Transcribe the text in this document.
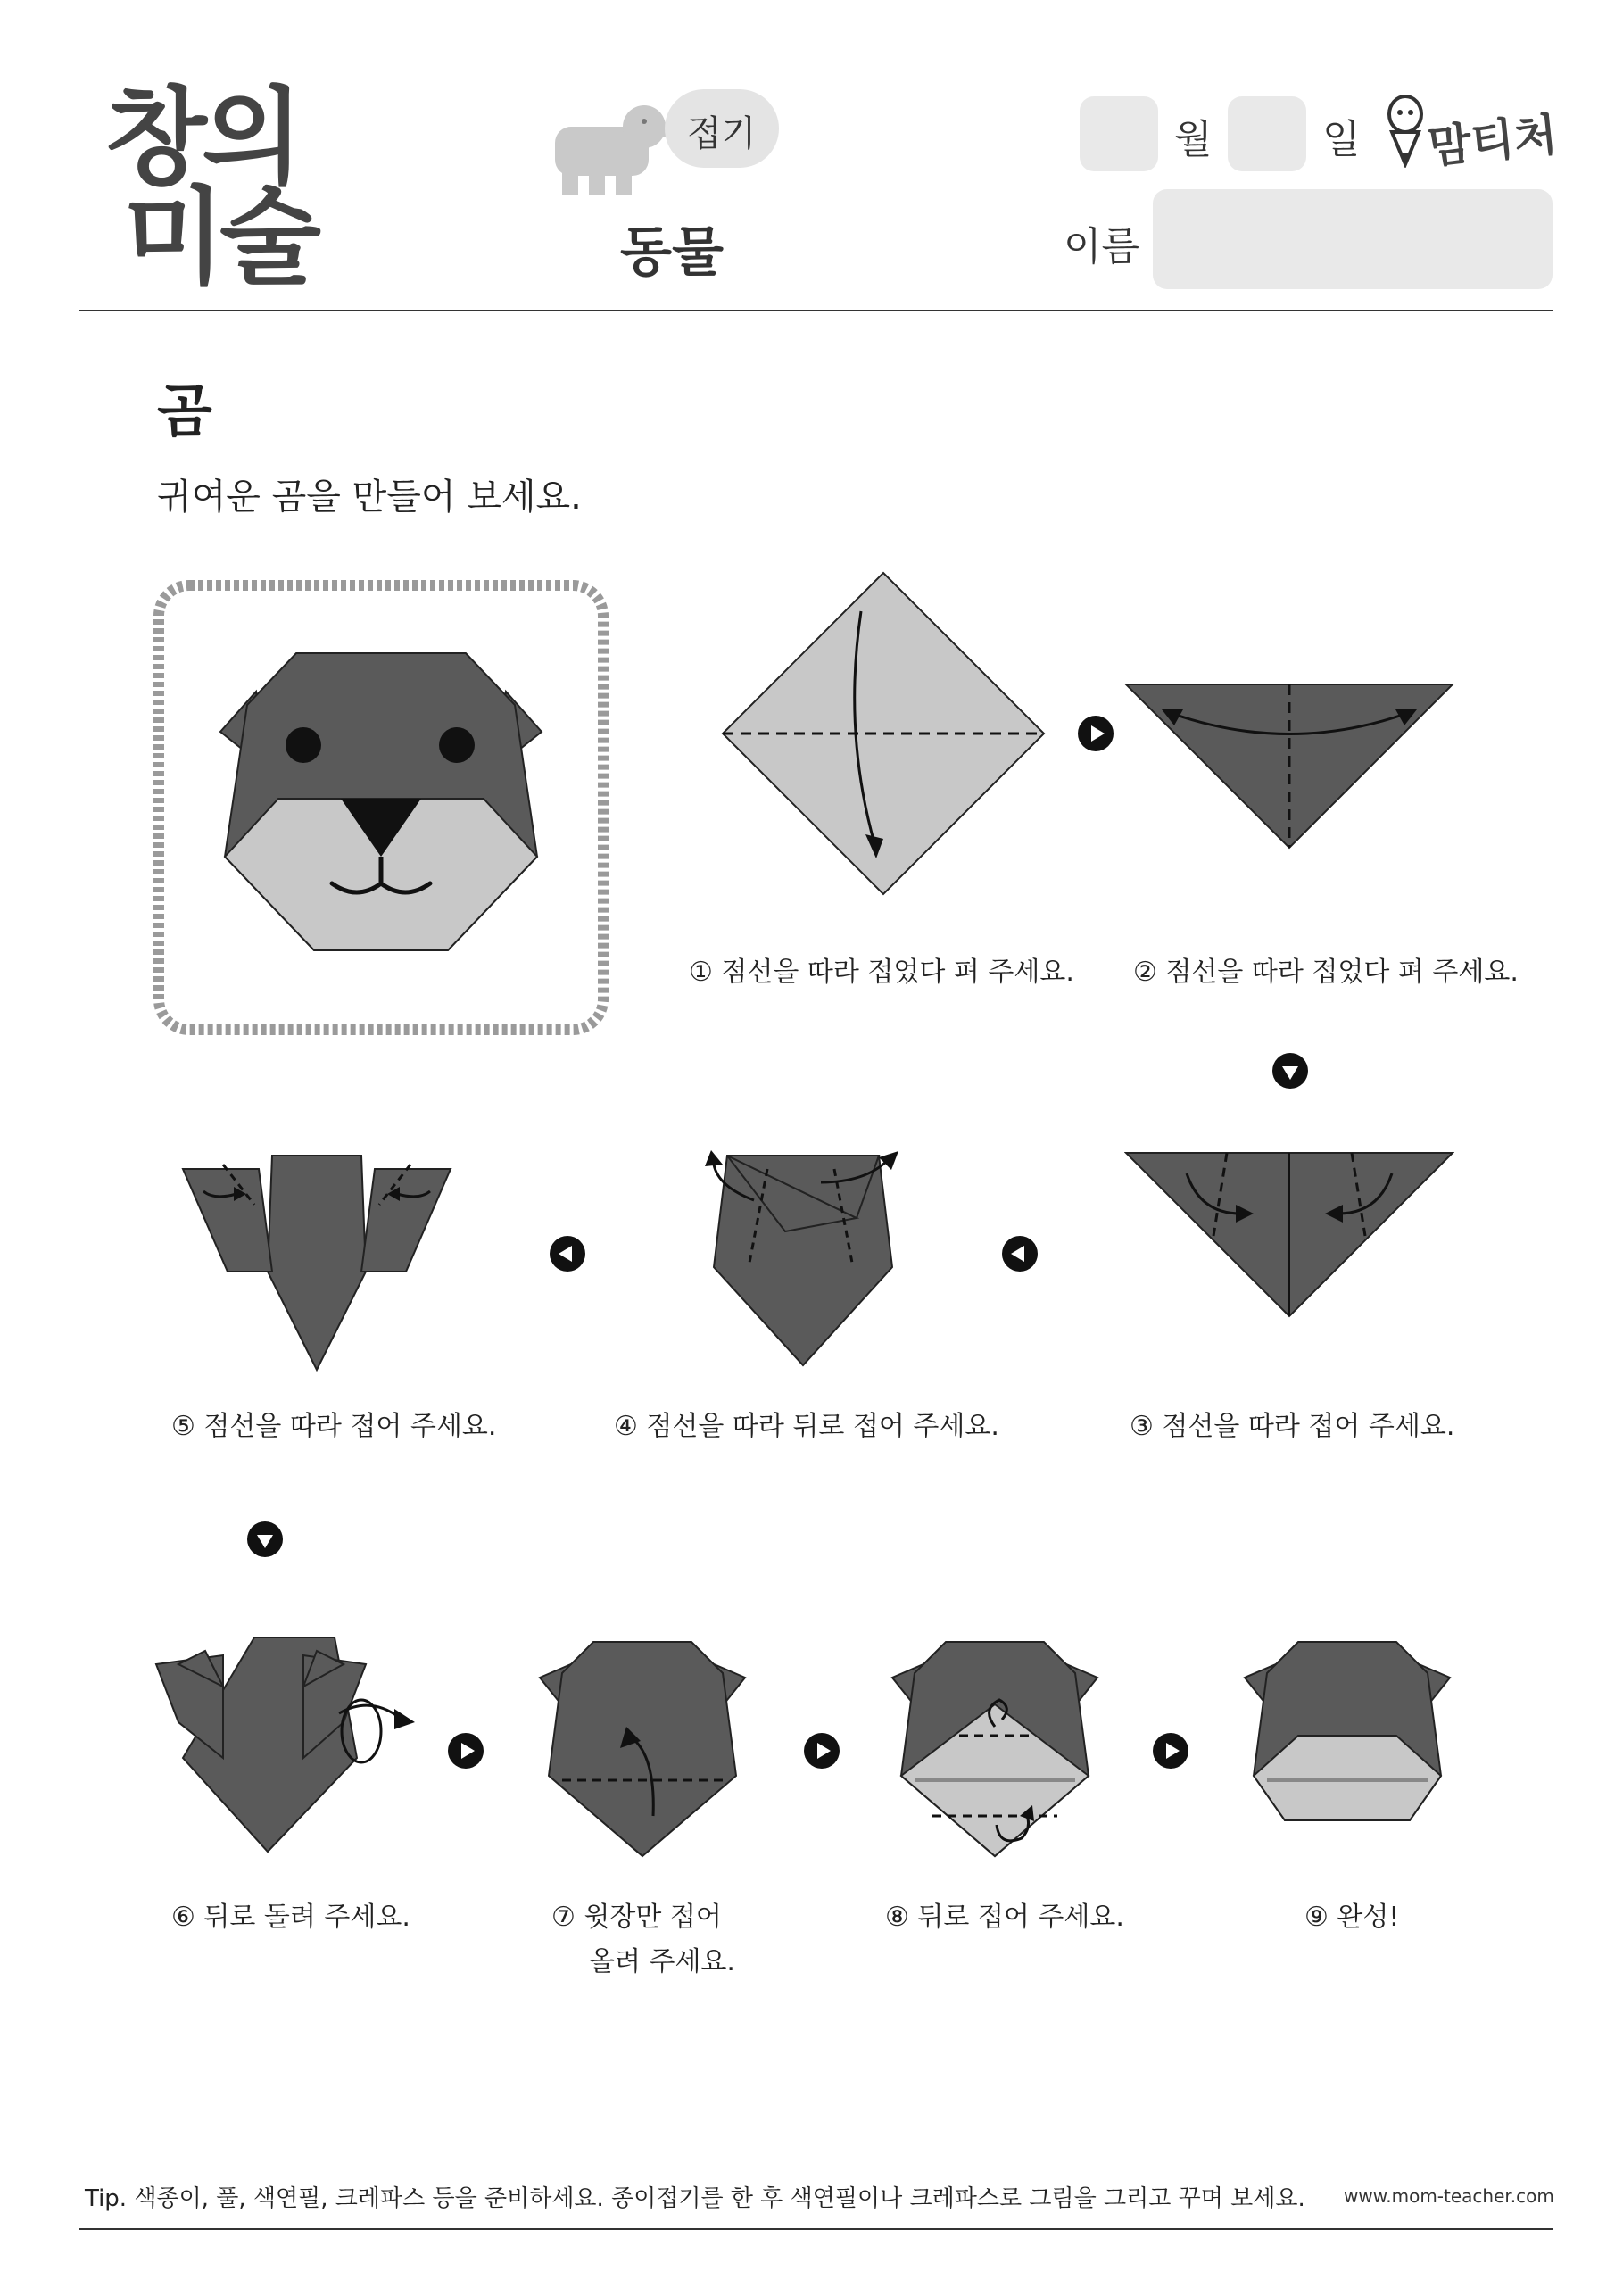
창의
미술
접기
동물
월	일 맘티처
이름
곰
귀여운 곰을 만들어 보세요.
① 점선을 따라 접었다 펴 주세요. ② 점선을 따라 접었다 펴 주세요.
⑤ 점선을 따라 접어 주세요.	④ 점선을 따라 뒤로 접어 주세요.	③ 점선을 따라 접어 주세요.
⑥ 뒤로 돌려 주세요.	⑦ 윗장만 접어
올려 주세요.
⑧ 뒤로 접어 주세요.	⑨ 완성!
Tip. 색종이, 풀, 색연필, 크레파스 등을 준비하세요. 종이접기를 한 후 색연필이나 크레파스로 그림을 그리고 꾸며 보세요. www.mom-teacher.com
